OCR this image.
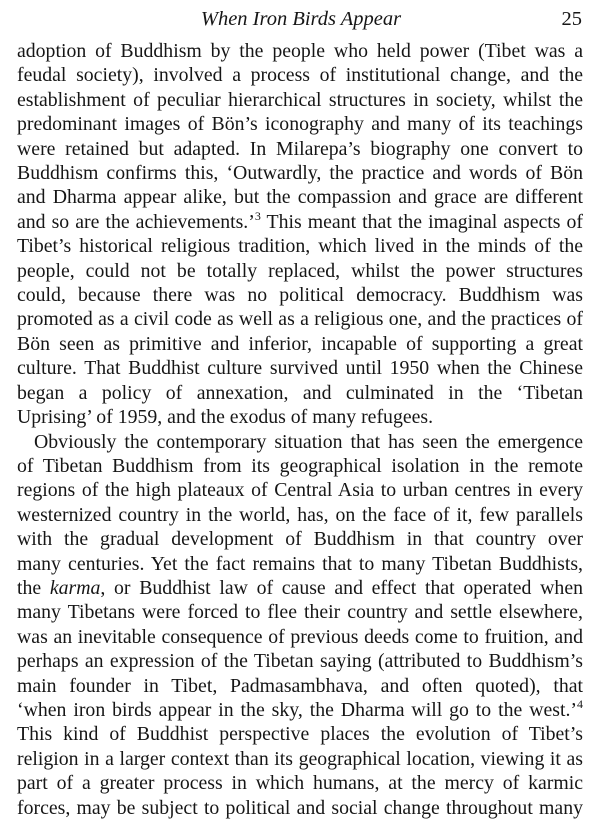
When Iron Birds Appear	25
adoption of Buddhism by the people who held power (Tibet was a
feudal society), involved a process of institutional change, and the
establishment of peculiar hierarchical structures in society, whilst the
predominant images of Bön’s iconography and many of its teachings
were retained but adapted. In Milarepa’s biography one convert to
Buddhism confirms this, ‘Outwardly, the practice and words of Bön
and Dharma appear alike, but the compassion and grace are different
and so are the achievements.’$^3$ This meant that the imaginal aspects of
Tibet’s historical religious tradition, which lived in the minds of the
people, could not be totally replaced, whilst the power structures
could, because there was no political democracy. Buddhism was
promoted as a civil code as well as a religious one, and the practices of
Bön seen as primitive and inferior, incapable of supporting a great
culture. That Buddhist culture survived until 1950 when the Chinese
began a policy of annexation, and culminated in the ‘Tibetan
Uprising’ of 1959, and the exodus of many refugees.
Obviously the contemporary situation that has seen the emergence
of Tibetan Buddhism from its geographical isolation in the remote
regions of the high plateaux of Central Asia to urban centres in every
westernized country in the world, has, on the face of it, few parallels
with the gradual development of Buddhism in that country over
many centuries. Yet the fact remains that to many Tibetan Buddhists,
the karma, or Buddhist law of cause and effect that operated when
many Tibetans were forced to flee their country and settle elsewhere,
was an inevitable consequence of previous deeds come to fruition, and
perhaps an expression of the Tibetan saying (attributed to Buddhism’s
main founder in Tibet, Padmasambhava, and often quoted), that
‘when iron birds appear in the sky, the Dharma will go to the west.’$^4$
This kind of Buddhist perspective places the evolution of Tibet’s
religion in a larger context than its geographical location, viewing it as
part of a greater process in which humans, at the mercy of karmic
forces, may be subject to political and social change throughout many
